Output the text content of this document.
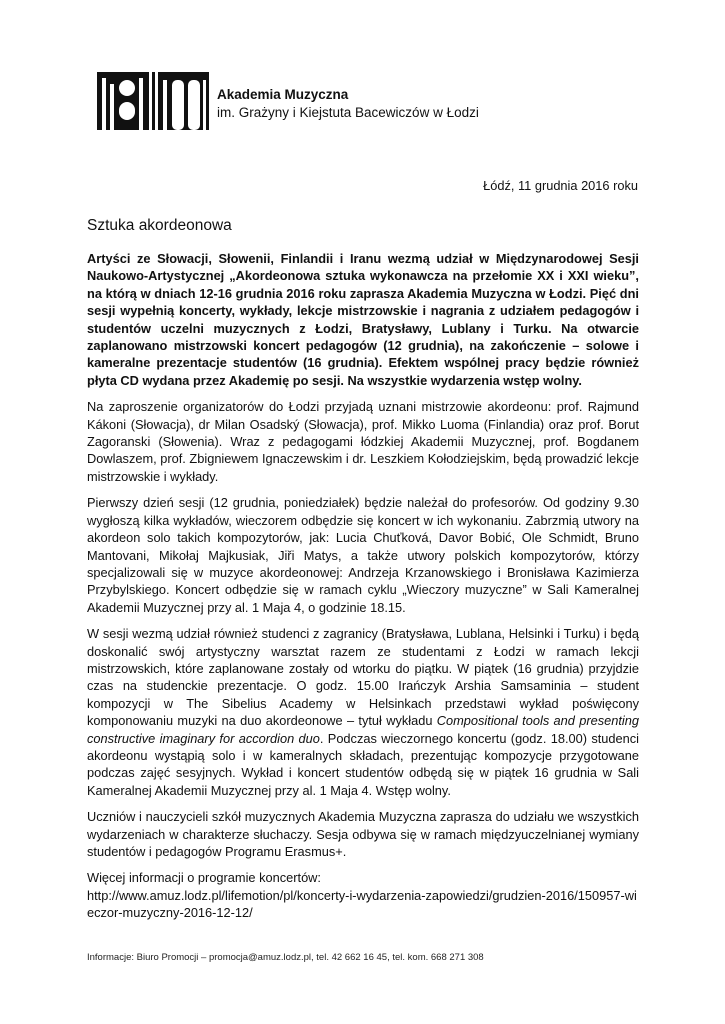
Akademia Muzyczna
im. Grażyny i Kiejstuta Bacewiczów w Łodzi
Łódź, 11 grudnia 2016 roku
Sztuka akordeonowa

Artyści ze Słowacji, Słowenii, Finlandii i Iranu wezmą udział w Międzynarodowej Sesji Naukowo-Artystycznej „Akordeonowa sztuka wykonawcza na przełomie XX i XXI wieku”, na którą w dniach 12-16 grudnia 2016 roku zaprasza Akademia Muzyczna w Łodzi. Pięć dni sesji wypełnią koncerty, wykłady, lekcje mistrzowskie i nagrania z udziałem pedagogów i studentów uczelni muzycznych z Łodzi, Bratysławy, Lublany i Turku. Na otwarcie zaplanowano mistrzowski koncert pedagogów (12 grudnia), na zakończenie – solowe i kameralne prezentacje studentów (16 grudnia). Efektem wspólnej pracy będzie również płyta CD wydana przez Akademię po sesji. Na wszystkie wydarzenia wstęp wolny.

Na zaproszenie organizatorów do Łodzi przyjadą uznani mistrzowie akordeonu: prof. Rajmund Kákoni (Słowacja), dr Milan Osadský (Słowacja), prof. Mikko Luoma (Finlandia) oraz prof. Borut Zagoranski (Słowenia). Wraz z pedagogami łódzkiej Akademii Muzycznej, prof. Bogdanem Dowlaszem, prof. Zbigniewem Ignaczewskim i dr. Leszkiem Kołodziejskim, będą prowadzić lekcje mistrzowskie i wykłady.

Pierwszy dzień sesji (12 grudnia, poniedziałek) będzie należał do profesorów. Od godziny 9.30 wygłoszą kilka wykładów, wieczorem odbędzie się koncert w ich wykonaniu. Zabrzmią utwory na akordeon solo takich kompozytorów, jak: Lucia Chuťková, Davor Bobić, Ole Schmidt, Bruno Mantovani, Mikołaj Majkusiak, Jiři Matys, a także utwory polskich kompozytorów, którzy specjalizowali się w muzyce akordeonowej: Andrzeja Krzanowskiego i Bronisława Kazimierza Przybylskiego. Koncert odbędzie się w ramach cyklu „Wieczory muzyczne” w Sali Kameralnej Akademii Muzycznej przy al. 1 Maja 4, o godzinie 18.15.

W sesji wezmą udział również studenci z zagranicy (Bratysława, Lublana, Helsinki i Turku) i będą doskonalić swój artystyczny warsztat razem ze studentami z Łodzi w ramach lekcji mistrzowskich, które zaplanowane zostały od wtorku do piątku. W piątek (16 grudnia) przyjdzie czas na studenckie prezentacje. O godz. 15.00 Irańczyk Arshia Samsaminia – student kompozycji w The Sibelius Academy w Helsinkach przedstawi wykład poświęcony komponowaniu muzyki na duo akordeonowe – tytuł wykładu Compositional tools and presenting constructive imaginary for accordion duo. Podczas wieczornego koncertu (godz. 18.00) studenci akordeonu wystąpią solo i w kameralnych składach, prezentując kompozycje przygotowane podczas zajęć sesyjnych. Wykład i koncert studentów odbędą się w piątek 16 grudnia w Sali Kameralnej Akademii Muzycznej przy al. 1 Maja 4. Wstęp wolny.

Uczniów i nauczycieli szkół muzycznych Akademia Muzyczna zaprasza do udziału we wszystkich wydarzeniach w charakterze słuchaczy. Sesja odbywa się w ramach międzyuczelnianej wymiany studentów i pedagogów Programu Erasmus+.

Więcej informacji o programie koncertów:
http://www.amuz.lodz.pl/lifemotion/pl/koncerty-i-wydarzenia-zapowiedzi/grudzien-2016/150957-wieczor-muzyczny-2016-12-12/

Informacje: Biuro Promocji – promocja@amuz.lodz.pl, tel. 42 662 16 45, tel. kom. 668 271 308
